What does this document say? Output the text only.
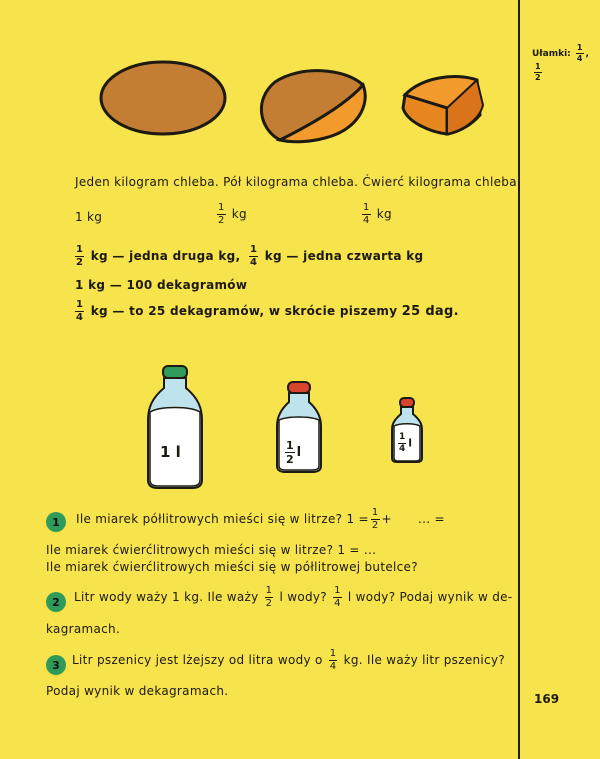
Ułamki: $\frac{1}{4}$ ,
$\frac{1}{2}$
Jeden kilogram chleba. Pół kilograma chleba. Ćwierć kilograma chleba.
1 kg	$\frac{1}{2}$ kg	$\frac{1}{4}$ kg
$\frac{1}{2}$ kg — jedna druga kg, $\frac{1}{4}$ kg — jedna czwarta kg
1 kg — 100 dekagramów
$\frac{1}{4}$ kg — to 25 dekagramów, w skrócie piszemy 25 dag.
1 l	$\frac{1}{2}$ l	$\frac{1}{4}$ l
1	Ile miarek półlitrowych mieści się w litrze? $1 = \frac{1}{2}$ + ... =
Ile miarek ćwierćlitrowych mieści się w litrze? 1 = ...
Ile miarek ćwierćlitrowych mieści się w półlitrowej butelce?
2	Litr wody waży 1 kg. Ile waży $\frac{1}{2}$ l wody? $\frac{1}{4}$ l wody? Podaj wynik w de-
kagramach.
3	Litr pszenicy jest lżejszy od litra wody o $\frac{1}{4}$ kg. Ile waży litr pszenicy?
Podaj wynik w dekagramach.
169
